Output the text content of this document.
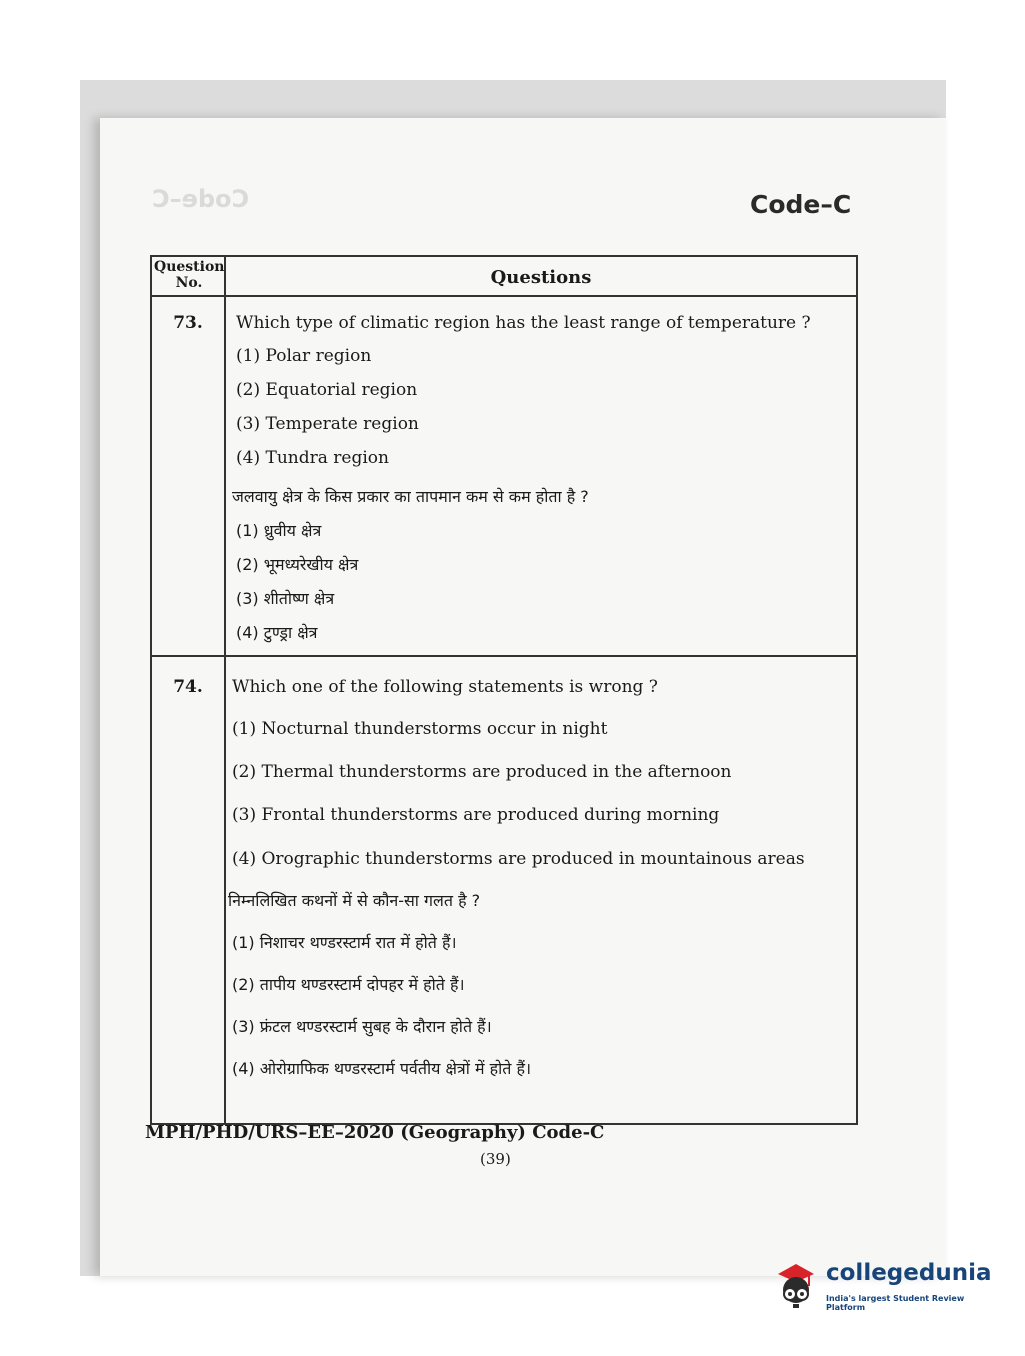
Code–C	Code–C
Question
No.	Questions
73.	Which type of climatic region has the least range of temperature ?
(1) Polar region
(2) Equatorial region
(3) Temperate region
(4) Tundra region
जलवायु क्षेत्र के किस प्रकार का तापमान कम से कम होता है ?
(1) ध्रुवीय क्षेत्र
(2) भूमध्यरेखीय क्षेत्र
(3) शीतोष्ण क्षेत्र
(4) टुण्ड्रा क्षेत्र
74.	Which one of the following statements is wrong ?
(1) Nocturnal thunderstorms occur in night
(2) Thermal thunderstorms are produced in the afternoon
(3) Frontal thunderstorms are produced during morning
(4) Orographic thunderstorms are produced in mountainous areas
निम्नलिखित कथनों में से कौन-सा गलत है ?
(1) निशाचर थण्डरस्टार्म रात में होते हैं।
(2) तापीय थण्डरस्टार्म दोपहर में होते हैं।
(3) फ्रंटल थण्डरस्टार्म सुबह के दौरान होते हैं।
(4) ओरोग्राफिक थण्डरस्टार्म पर्वतीय क्षेत्रों में होते हैं।
MPH/PHD/URS–EE–2020 (Geography) Code-C
(39)
collegedunia
India's largest Student Review Platform
